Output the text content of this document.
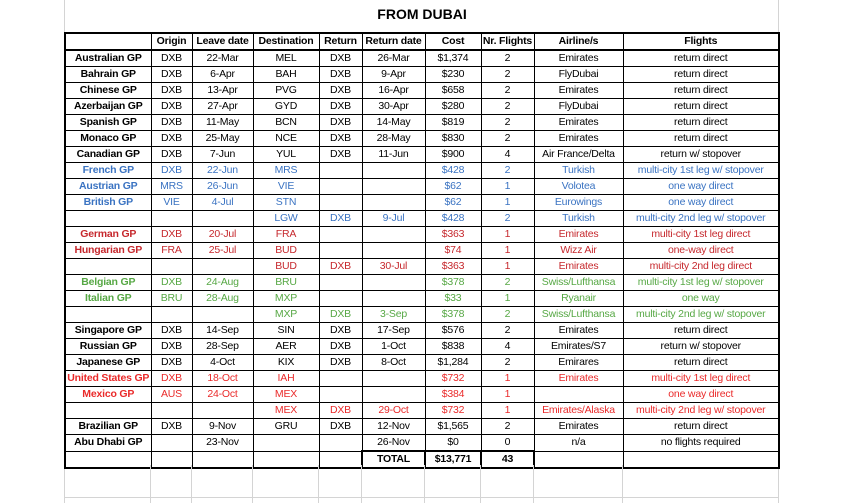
FROM DUBAI
	Origin	Leave date	Destination	Return	Return date	Cost	Nr. Flights	Airline/s	Flights
Australian GP	DXB	22-Mar	MEL	DXB	26-Mar	$1,374	2	Emirates	return direct
Bahrain GP	DXB	6-Apr	BAH	DXB	9-Apr	$230	2	FlyDubai	return direct
Chinese GP	DXB	13-Apr	PVG	DXB	16-Apr	$658	2	Emirates	return direct
Azerbaijan GP	DXB	27-Apr	GYD	DXB	30-Apr	$280	2	FlyDubai	return direct
Spanish GP	DXB	11-May	BCN	DXB	14-May	$819	2	Emirates	return direct
Monaco GP	DXB	25-May	NCE	DXB	28-May	$830	2	Emirates	return direct
Canadian GP	DXB	7-Jun	YUL	DXB	11-Jun	$900	4	Air France/Delta	return w/ stopover
French GP	DXB	22-Jun	MRS			$428	2	Turkish	multi-city 1st leg w/ stopover
Austrian GP	MRS	26-Jun	VIE			$62	1	Volotea	one way direct
British GP	VIE	4-Jul	STN			$62	1	Eurowings	one way direct
			LGW	DXB	9-Jul	$428	2	Turkish	multi-city 2nd leg w/ stopover
German GP	DXB	20-Jul	FRA			$363	1	Emirates	multi-city 1st leg direct
Hungarian GP	FRA	25-Jul	BUD			$74	1	Wizz Air	one-way direct
			BUD	DXB	30-Jul	$363	1	Emirates	multi-city 2nd leg direct
Belgian GP	DXB	24-Aug	BRU			$378	2	Swiss/Lufthansa	multi-city 1st leg w/ stopover
Italian GP	BRU	28-Aug	MXP			$33	1	Ryanair	one way
			MXP	DXB	3-Sep	$378	2	Swiss/Lufthansa	multi-city 2nd leg w/ stopover
Singapore GP	DXB	14-Sep	SIN	DXB	17-Sep	$576	2	Emirates	return direct
Russian GP	DXB	28-Sep	AER	DXB	1-Oct	$838	4	Emirates/S7	return w/ stopover
Japanese GP	DXB	4-Oct	KIX	DXB	8-Oct	$1,284	2	Emirares	return direct
United States GP	DXB	18-Oct	IAH			$732	1	Emirates	multi-city 1st leg direct
Mexico GP	AUS	24-Oct	MEX			$384	1		one way direct
			MEX	DXB	29-Oct	$732	1	Emirates/Alaska	multi-city 2nd leg w/ stopover
Brazilian GP	DXB	9-Nov	GRU	DXB	12-Nov	$1,565	2	Emirates	return direct
Abu Dhabi GP		23-Nov			26-Nov	$0	0	n/a	no flights required
					TOTAL	$13,771	43		
